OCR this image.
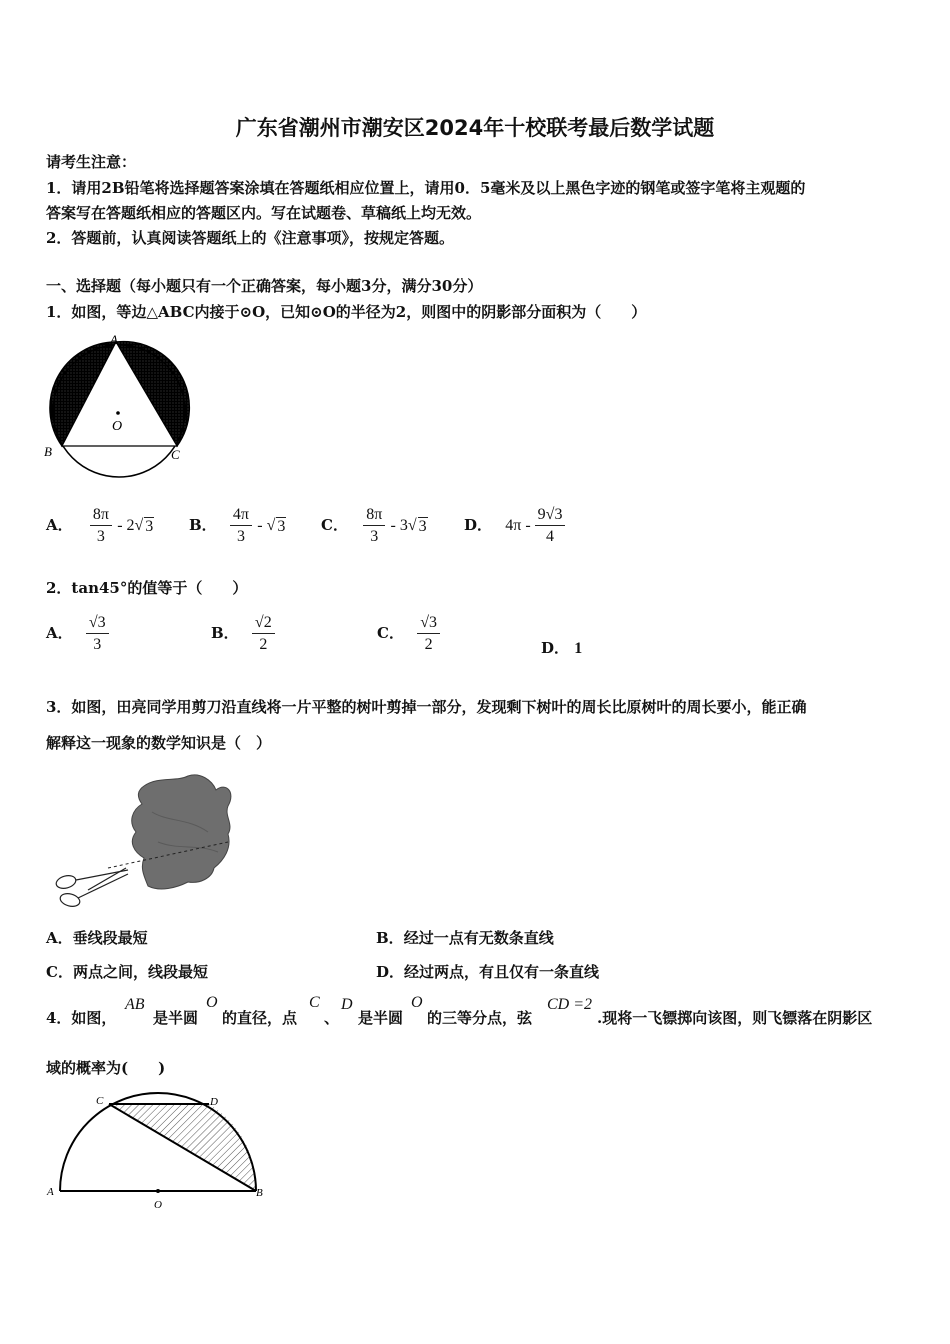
广东省潮州市潮安区2024年十校联考最后数学试题
请考生注意：
1．请用2B铅笔将选择题答案涂填在答题纸相应位置上，请用0．5毫米及以上黑色字迹的钢笔或签字笔将主观题的
答案写在答题纸相应的答题区内。写在试题卷、草稿纸上均无效。
2．答题前，认真阅读答题纸上的《注意事项》，按规定答题。
一、选择题（每小题只有一个正确答案，每小题3分，满分30分）
1．如图，等边△ABC内接于⊙O，已知⊙O的半径为2，则图中的阴影部分面积为（　　）
O
A
B	C
A． $\frac{8\pi}{3} - 2√$ 3 B． $\frac{4\pi}{3}$ - √ 3 C． $\frac{8\pi}{3} - 3√$ 3 D． $4\pi - \frac{9√3}{4}$
2．tan45°的值等于（　　）
A． $\frac{√3}{3}$	B． $\frac{√2}{2}$	C． $\frac{√3}{2}$	D． 1
3．如图，田亮同学用剪刀沿直线将一片平整的树叶剪掉一部分，发现剩下树叶的周长比原树叶的周长要小，能正确
解释这一现象的数学知识是（　）
A．垂线段最短	B．经过一点有无数条直线
C．两点之间，线段最短	D．经过两点，有且仅有一条直线
4．如图，
AB
是半圆
O
的直径，点
C
、
D
是半圆
O
的三等分点，弦
CD =2
.现将一飞镖掷向该图，则飞镖落在阴影区
域的概率为(　　)
C	D
A	B
O
